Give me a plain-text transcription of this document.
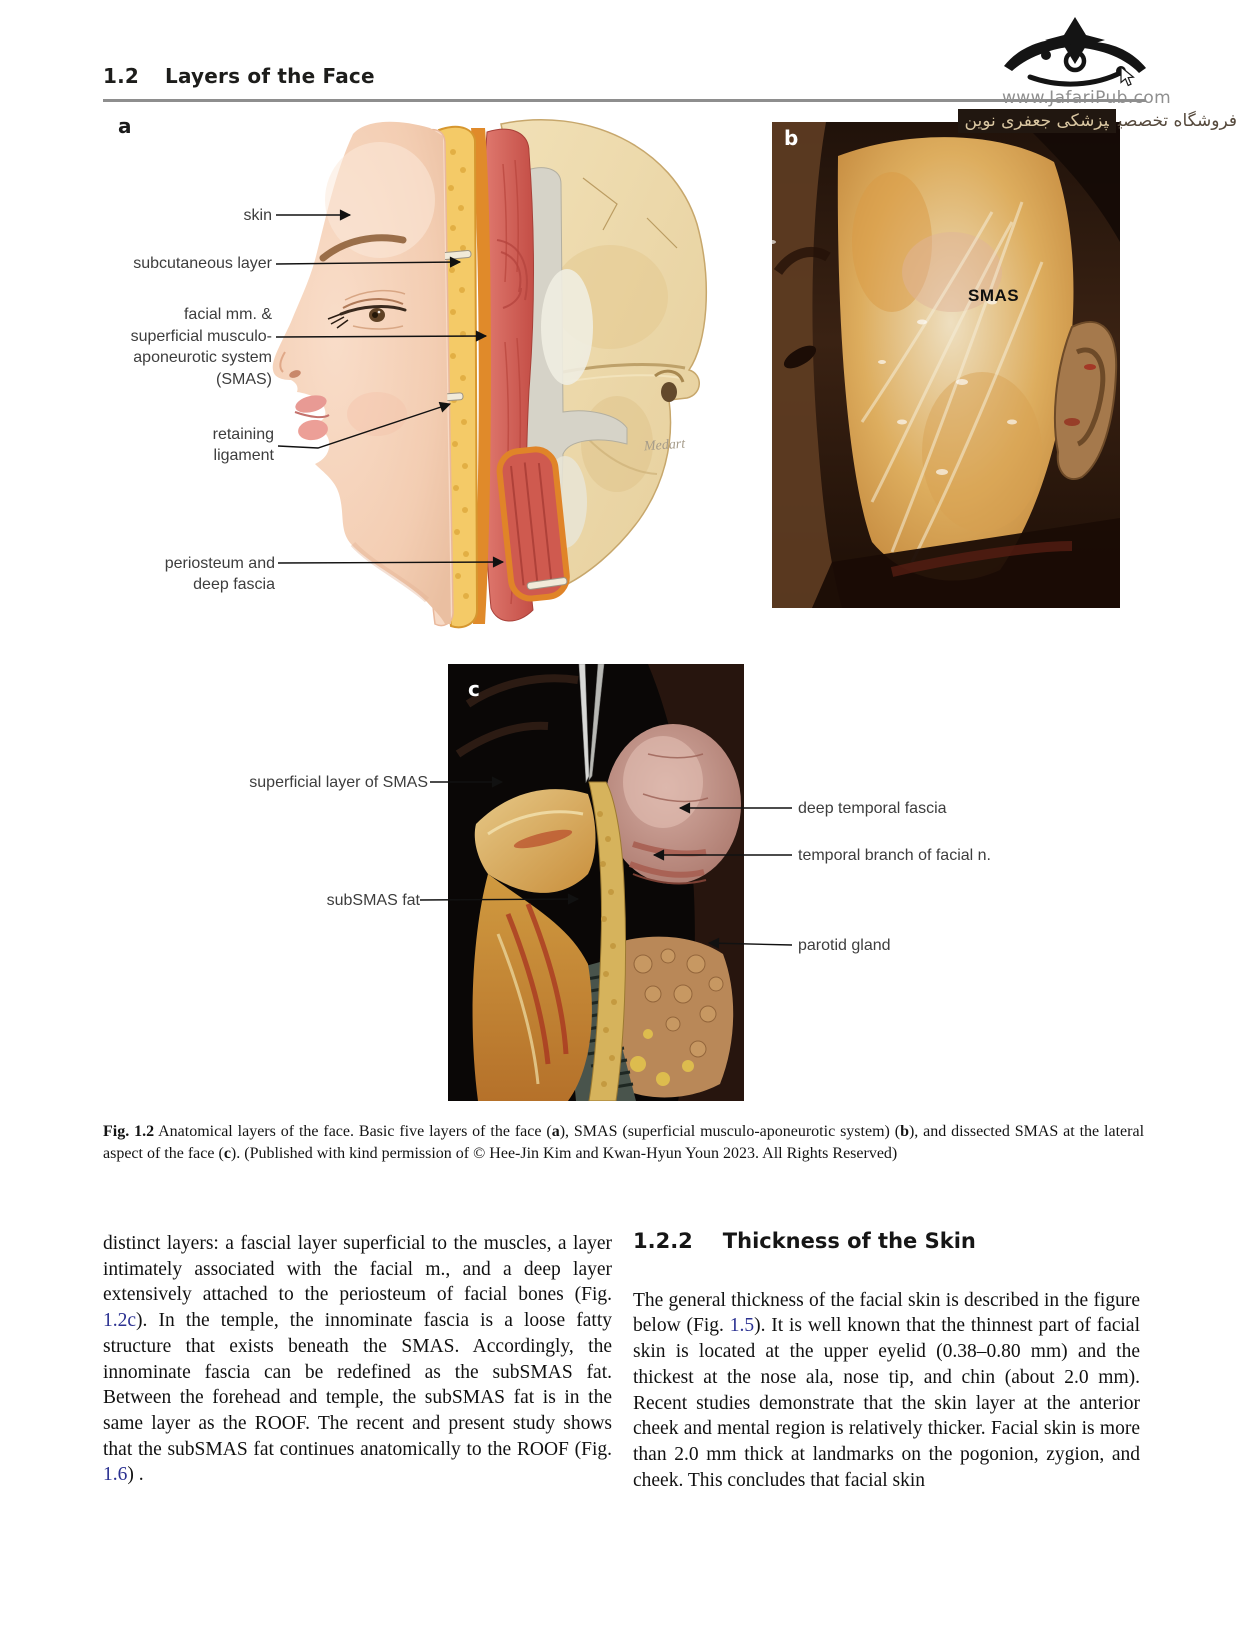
1.2 Layers of the Face
www.JafariPub.com
فروشگاه تخصصیپزشکی جعفری نوین
a	b
c
SMAS
Medart
skin
subcutaneous layer
facial mm. &
superficial musculo-
aponeurotic system
(SMAS)
retaining
ligament
periosteum and
deep fascia
superficial layer of SMAS
subSMAS fat
deep temporal fascia
temporal branch of facial n.
parotid gland
Fig. 1.2 Anatomical layers of the face. Basic five layers of the face (a), SMAS (superficial musculo-aponeurotic system) (b), and dissected SMAS at the lateral aspect of the face (c). (Published with kind permission of © Hee-Jin Kim and Kwan-Hyun Youn 2023. All Rights Reserved)

distinct layers: a fascial layer superficial to the muscles, a layer intimately associated with the facial m., and a deep layer extensively attached to the periosteum of facial bones (Fig. 1.2c). In the temple, the innominate fascia is a loose fatty structure that exists beneath the SMAS. Accordingly, the innominate fascia can be redefined as the subSMAS fat. Between the forehead and temple, the subSMAS fat is in the same layer as the ROOF. The recent and present study shows that the subSMAS fat continues anatomically to the ROOF (Fig. 1.6) .

1.2.2 Thickness of the Skin

The general thickness of the facial skin is described in the figure below (Fig. 1.5). It is well known that the thinnest part of facial skin is located at the upper eyelid (0.38–0.80 mm) and the thickest at the nose ala, nose tip, and chin (about 2.0 mm). Recent studies demonstrate that the skin layer at the anterior cheek and mental region is relatively thicker. Facial skin is more than 2.0 mm thick at landmarks on the pogonion, zygion, and cheek. This concludes that facial skin
